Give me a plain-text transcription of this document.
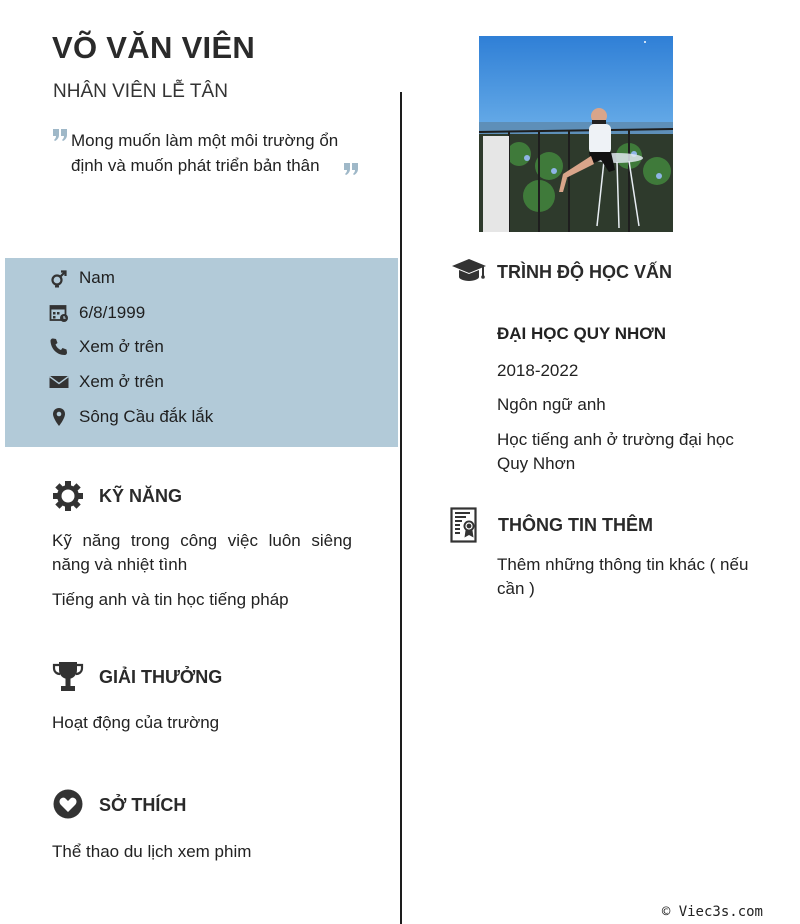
VÕ VĂN VIÊN
NHÂN VIÊN LỄ TÂN
Mong muốn làm một môi trường ổn định và muốn phát triển bản thân
Nam
6/8/1999
Xem ở trên
Xem ở trên
Sông Cầu đắk lắk
KỸ NĂNG
Kỹ năng trong công việc luôn siêng năng và nhiệt tình
Tiếng anh và tin học tiếng pháp
GIẢI THƯỞNG
Hoạt động của trường
SỞ THÍCH
Thể thao du lịch xem phim
TRÌNH ĐỘ HỌC VẤN
ĐẠI HỌC QUY NHƠN
2018-2022
Ngôn ngữ anh
Học tiếng anh ở trường đại học Quy Nhơn
THÔNG TIN THÊM
Thêm những thông tin khác ( nếu cần )
© Viec3s.com
